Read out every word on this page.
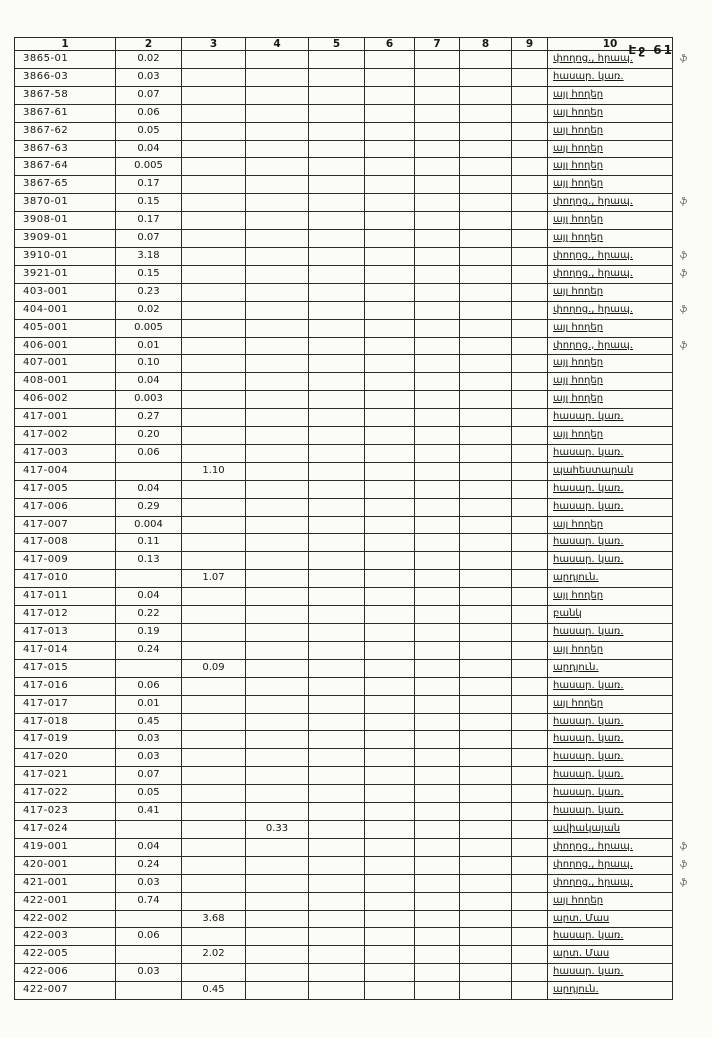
Էջ 61
1	2	3	4	5	6	7	8	9	10	
3865-01	0.02								փողոց., հրապ.	ֆ
3866-03	0.03								հասար. կառ.	
3867-58	0.07								այլ հողեր	
3867-61	0.06								այլ հողեր	
3867-62	0.05								այլ հողեր	
3867-63	0.04								այլ հողեր	
3867-64	0.005								այլ հողեր	
3867-65	0.17								այլ հողեր	
3870-01	0.15								փողոց., հրապ.	ֆ
3908-01	0.17								այլ հողեր	
3909-01	0.07								այլ հողեր	
3910-01	3.18								փողոց., հրապ.	ֆ
3921-01	0.15								փողոց., հրապ.	ֆ
403-001	0.23								այլ հողեր	
404-001	0.02								փողոց., հրապ.	ֆ
405-001	0.005								այլ հողեր	
406-001	0.01								փողոց., հրապ.	ֆ
407-001	0.10								այլ հողեր	
408-001	0.04								այլ հողեր	
406-002	0.003								այլ հողեր	
417-001	0.27								հասար. կառ.	
417-002	0.20								այլ հողեր	
417-003	0.06								հասար. կառ.	
417-004		1.10							պահեստարան	
417-005	0.04								հասար. կառ.	
417-006	0.29								հասար. կառ.	
417-007	0.004								այլ հողեր	
417-008	0.11								հասար. կառ.	
417-009	0.13								հասար. կառ.	
417-010		1.07							արդյուն.	
417-011	0.04								այլ հողեր	
417-012	0.22								բանկ	
417-013	0.19								հասար. կառ.	
417-014	0.24								այլ հողեր	
417-015		0.09							արդյուն.	
417-016	0.06								հասար. կառ.	
417-017	0.01								այլ հողեր	
417-018	0.45								հասար. կառ.	
417-019	0.03								հասար. կառ.	
417-020	0.03								հասար. կառ.	
417-021	0.07								հասար. կառ.	
417-022	0.05								հասար. կառ.	
417-023	0.41								հասար. կառ.	
417-024			0.33						ավիակայան	
419-001	0.04								փողոց., հրապ.	ֆ
420-001	0.24								փողոց., հրապ.	ֆ
421-001	0.03								փողոց., հրապ.	ֆ
422-001	0.74								այլ հողեր	
422-002		3.68							արտ. Մաս	
422-003	0.06								հասար. կառ.	
422-005		2.02							արտ. Մաս	
422-006	0.03								հասար. կառ.	
422-007		0.45							արդյուն.	
